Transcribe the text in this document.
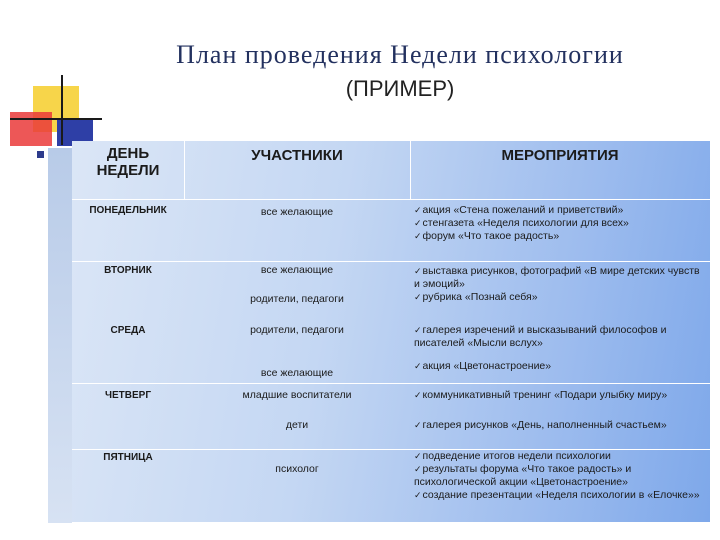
План проведения Недели психологии
(ПРИМЕР)
ДЕНЬ НЕДЕЛИ
УЧАСТНИКИ	МЕРОПРИЯТИЯ
ПОНЕДЕЛЬНИК	все желающие
✓	акция «Стена пожеланий и приветствий»
✓ стенгазета «Неделя психологии для всех»
✓ форум «Что такое радость»
ВТОРНИК	все желающие
родители, педагоги
✓ выставка рисунков, фотографий «В мире детских чувств и эмоций»
✓ рубрика «Познай себя»
СРЕДА	родители, педагоги
все желающие
✓ галерея изречений и высказываний философов и писателей «Мысли вслух»
✓ акция «Цветонастроение»
ЧЕТВЕРГ	младшие воспитатели
дети
✓ коммуникативный тренинг «Подари улыбку миру»
✓ галерея рисунков «День, наполненный счастьем»
ПЯТНИЦА
психолог
✓ подведение итогов недели психологии
✓ результаты форума «Что такое радость» и психологической акции «Цветонастроение»
✓ создание презентации «Неделя психологии в «Елочке»»
